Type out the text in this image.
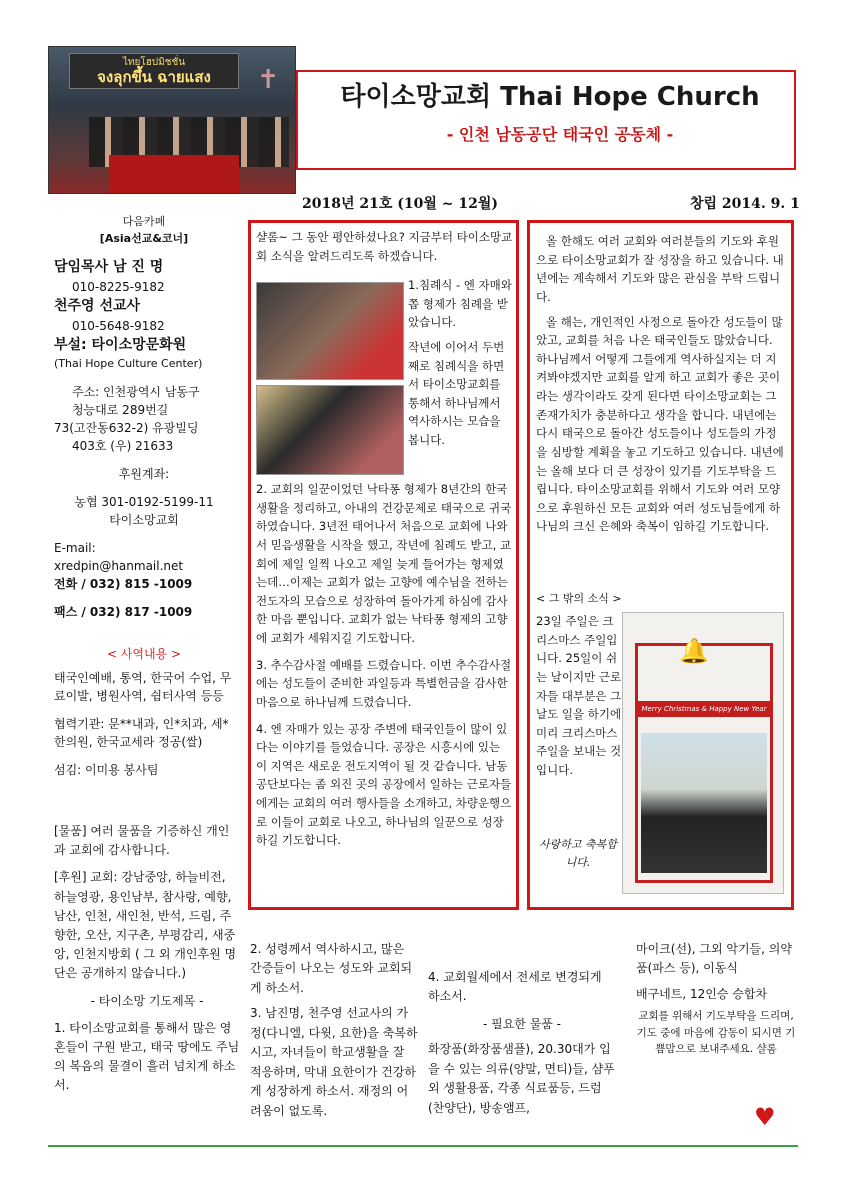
ไทยโฮปมิชชั่น
จงลุกขึ้น ฉายแสง	✝
타이소망교회 Thai Hope Church
- 인천 남동공단 태국인 공동체 -
2018년 21호 (10월 ~ 12월)	창립 2014. 9. 1
다음카페
[Asia선교&코너]
담임목사 남 진 명
010-8225-9182
천주영 선교사
010-5648-9182
부설: 타이소망문화원
(Thai Hope Culture Center)
주소: 인천광역시 남동구
청능대로 289번길
73(고잔동632-2) 유광빌딩
403호 (우) 21633
후원계좌:
농협 301-0192-5199-11
타이소망교회
E-mail:
xredpin@hanmail.net
전화 / 032) 815 -1009
팩스 / 032) 817 -1009
< 사역내용 >
태국인예배, 통역, 한국어 수업, 무료이발, 병원사역, 쉼터사역 등등
협력기관: 문**내과, 인*치과, 세*한의원, 한국교세라 정공(쌀)
섬김: 이미용 봉사팀
[물품] 여러 물품을 기증하신 개인과 교회에 감사합니다.
[후원] 교회: 강남중앙, 하늘비전, 하늘영광, 용인남부, 참사랑, 예향, 남산, 인천, 새인천, 반석, 드림, 주향한, 오산, 지구촌, 부평감리, 새중앙, 인천지방회 ( 그 외 개인후원 명단은 공개하지 않습니다.)
- 타이소망 기도제목 -
1. 타이소망교회를 통해서 많은 영혼들이 구원 받고, 태국 땅에도 주님의 복음의 물결이 흘러 넘치게 하소서.
샬롬~ 그 동안 평안하셨나요? 지금부터 타이소망교회 소식을 알려드리도록 하겠습니다.
1.침례식 - 엔 자매와 쫍 형제가 침례을 받았습니다.
작년에 이어서 두번째로 침례식을 하면서 타이소망교회를 통해서 하나님께서 역사하시는 모습을 봅니다.
2. 교회의 일꾼이었던 낙타퐁 형제가 8년간의 한국생활을 정리하고, 아내의 건강문제로 태국으로 귀국하였습니다. 3년전 태어나서 처음으로 교회에 나와서 믿음생활을 시작을 했고, 작년에 침례도 받고, 교회에 제일 일찍 나오고 제일 늦게 들어가는 형제였는데…이제는 교회가 없는 고향에 예수님을 전하는 전도자의 모습으로 성장하여 돌아가게 하심에 감사한 마음 뿐입니다. 교회가 없는 낙타퐁 형제의 고향에 교회가 세워지길 기도합니다.
3. 추수감사절 예배를 드렸습니다. 이번 추수감사절에는 성도들이 준비한 과일등과 특별헌금을 감사한 마음으로 하나님께 드렸습니다.
4. 엔 자매가 있는 공장 주변에 태국인들이 많이 있다는 이야기를 들었습니다. 공장은 시흥시에 있는 이 지역은 새로운 전도지역이 될 것 같습니다. 남동공단보다는 좀 외진 곳의 공장에서 일하는 근로자들에게는 교회의 여러 행사들을 소개하고, 차량운행으로 이들이 교회로 나오고, 하나님의 일꾼으로 성장하길 기도합니다.
올 한해도 여러 교회와 여러분들의 기도와 후원으로 타이소망교회가 잘 성장을 하고 있습니다. 내년에는 계속해서 기도와 많은 관심을 부탁 드립니다.
올 해는, 개인적인 사정으로 돌아간 성도들이 많았고, 교회를 처음 나온 태국인들도 많았습니다. 하나님께서 어떻게 그들에게 역사하실지는 더 지켜봐야겠지만 교회를 알게 하고 교회가 좋은 곳이라는 생각이라도 갖게 된다면 타이소망교회는 그 존재가치가 충분하다고 생각을 합니다. 내년에는 다시 태국으로 돌아간 성도들이나 성도들의 가정을 심방할 계획을 놓고 기도하고 있습니다. 내년에는 올해 보다 더 큰 성장이 있기를 기도부탁을 드립니다. 타이소망교회를 위해서 기도와 여러 모양으로 후원하신 모든 교회와 여러 성도님들에게 하나님의 크신 은혜와 축복이 임하길 기도합니다.
< 그 밖의 소식 >
23일 주일은 크리스마스 주일입니다. 25일이 쉬는 날이지만 근로자들 대부분은 그날도 일을 하기에 미리 크리스마스 주일을 보내는 것입니다.
사랑하고 축복합니다.
🔔
Merry Christmas & Happy New Year
2. 성령께서 역사하시고, 많은 간증들이 나오는 성도와 교회되게 하소서.
3. 남진명, 천주영 선교사의 가정(다니엘, 다윗, 요한)을 축복하시고, 자녀들이 학교생활을 잘 적응하며, 막내 요한이가 건강하게 성장하게 하소서. 재정의 어려움이 없도록.
4. 교회월세에서 전세로 변경되게 하소서.
- 필요한 물품 -
화장품(화장품샘플), 20.30대가 입을 수 있는 의류(양말, 면티)들, 샴푸외 생활용품, 각종 식료품등, 드럼(찬양단), 방송앰프,
마이크(선), 그외 악기들, 의약품(파스 등), 이동식
배구네트, 12인승 승합차
교회를 위해서 기도부탁을 드리며, 기도 중에 마음에 감동이 되시면 기쁨맘으로 보내주세요. 샬롬
♥
